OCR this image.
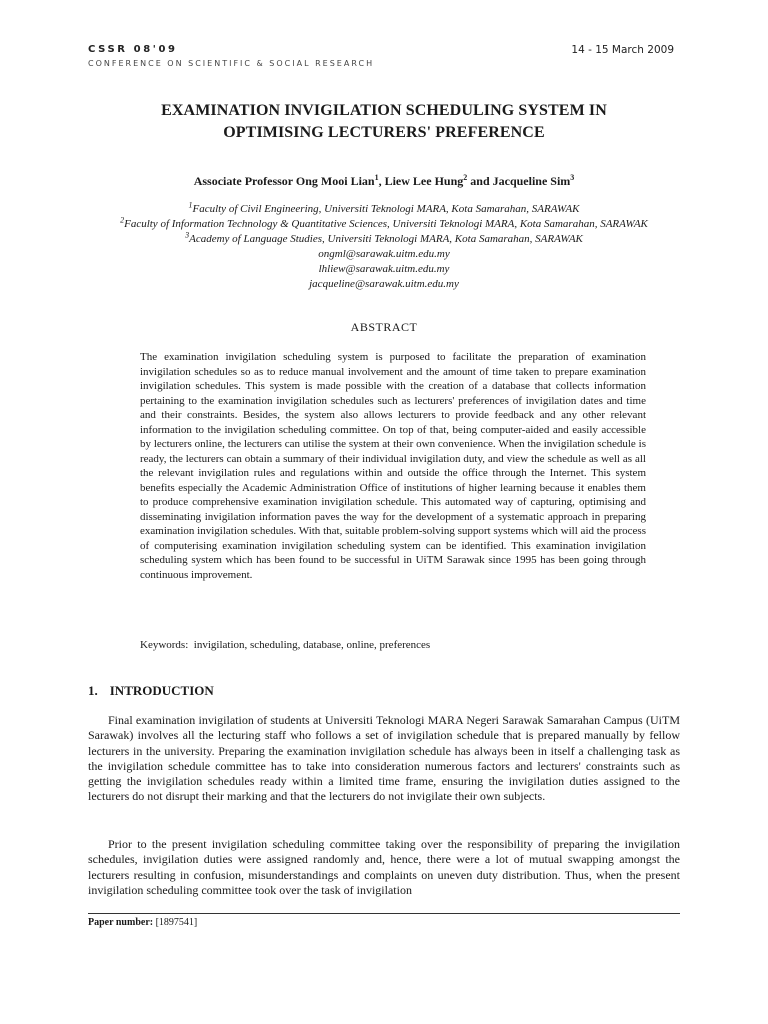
CSSR 08'09
CONFERENCE ON SCIENTIFIC & SOCIAL RESEARCH
14 - 15 March 2009
EXAMINATION INVIGILATION SCHEDULING SYSTEM IN
OPTIMISING LECTURERS' PREFERENCE
Associate Professor Ong Mooi Lian$^1$, Liew Lee Hung$^2$ and Jacqueline Sim$^3$
$^1$Faculty of Civil Engineering, Universiti Teknologi MARA, Kota Samarahan, SARAWAK
$^2$Faculty of Information Technology & Quantitative Sciences, Universiti Teknologi MARA, Kota Samarahan, SARAWAK
$^3$Academy of Language Studies, Universiti Teknologi MARA, Kota Samarahan, SARAWAK
ongml@sarawak.uitm.edu.my
lhliew@sarawak.uitm.edu.my
jacqueline@sarawak.uitm.edu.my
ABSTRACT
The examination invigilation scheduling system is purposed to facilitate the preparation of examination invigilation schedules so as to reduce manual involvement and the amount of time taken to prepare examination invigilation schedules. This system is made possible with the creation of a database that collects information pertaining to the examination invigilation schedules such as lecturers' preferences of invigilation dates and time and their constraints. Besides, the system also allows lecturers to provide feedback and any other relevant information to the invigilation scheduling committee. On top of that, being computer-aided and easily accessible by lecturers online, the lecturers can utilise the system at their own convenience. When the invigilation schedule is ready, the lecturers can obtain a summary of their individual invigilation duty, and view the schedule as well as all the relevant invigilation rules and regulations within and outside the office through the Internet. This system benefits especially the Academic Administration Office of institutions of higher learning because it enables them to produce comprehensive examination invigilation schedule. This automated way of capturing, optimising and disseminating invigilation information paves the way for the development of a systematic approach in preparing examination invigilation schedules. With that, suitable problem-solving support systems which will aid the process of computerising examination invigilation scheduling system can be identified. This examination invigilation scheduling system which has been found to be successful in UiTM Sarawak since 1995 has been going through continuous improvement.
Keywords: invigilation, scheduling, database, online, preferences
1. INTRODUCTION
Final examination invigilation of students at Universiti Teknologi MARA Negeri Sarawak Samarahan Campus (UiTM Sarawak) involves all the lecturing staff who follows a set of invigilation schedule that is prepared manually by fellow lecturers in the university. Preparing the examination invigilation schedule has always been in itself a challenging task as the invigilation schedule committee has to take into consideration numerous factors and lecturers' constraints such as getting the invigilation schedules ready within a limited time frame, ensuring the invigilation duties assigned to the lecturers do not disrupt their marking and that the lecturers do not invigilate their own subjects.
Prior to the present invigilation scheduling committee taking over the responsibility of preparing the invigilation schedules, invigilation duties were assigned randomly and, hence, there were a lot of mutual swapping amongst the lecturers resulting in confusion, misunderstandings and complaints on uneven duty distribution. Thus, when the present invigilation scheduling committee took over the task of invigilation
Paper number: [1897541]
